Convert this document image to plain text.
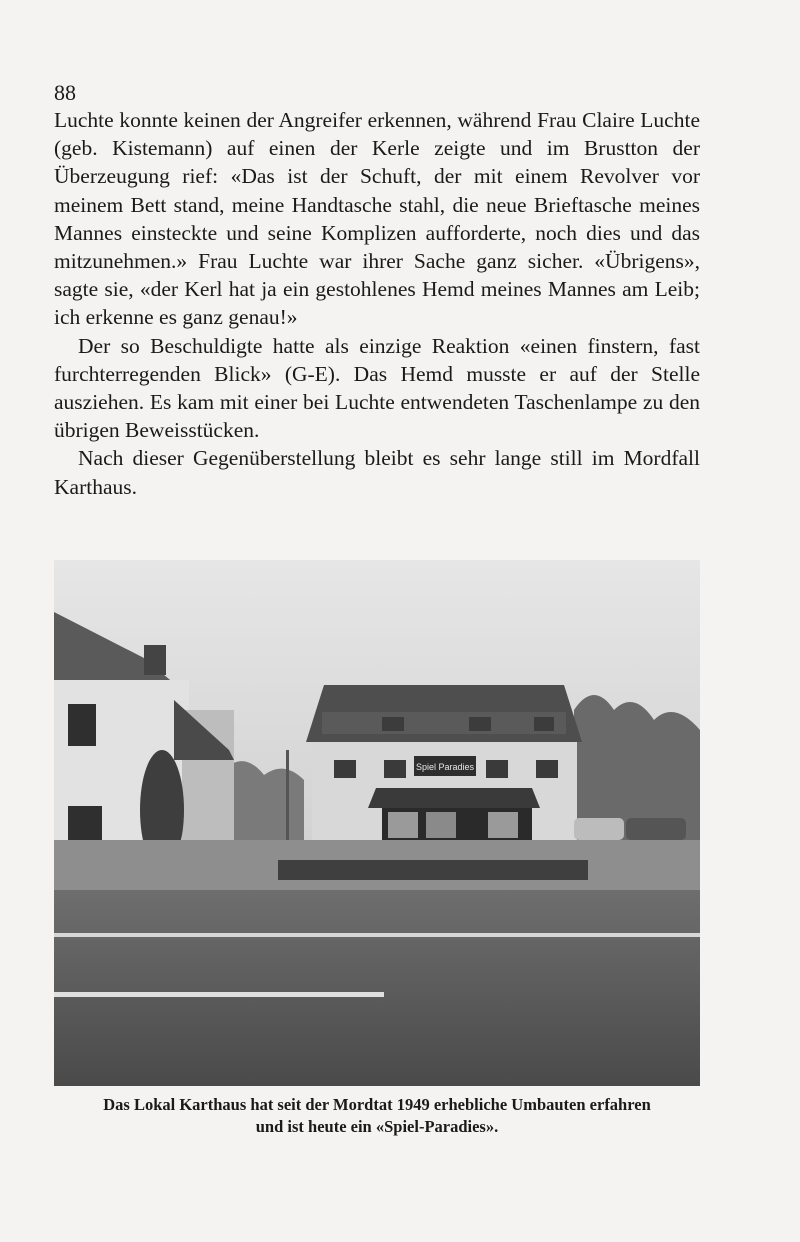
88

Luchte konnte keinen der Angreifer erkennen, während Frau Claire Luchte (geb. Kistemann) auf einen der Kerle zeigte und im Brustton der Überzeugung rief: «Das ist der Schuft, der mit einem Revolver vor meinem Bett stand, meine Handtasche stahl, die neue Brieftasche meines Mannes einsteckte und seine Komplizen aufforderte, noch dies und das mitzunehmen.» Frau Luchte war ihrer Sache ganz sicher. «Übrigens», sagte sie, «der Kerl hat ja ein gestohlenes Hemd meines Mannes am Leib; ich erkenne es ganz genau!»

Der so Beschuldigte hatte als einzige Reaktion «einen finstern, fast furchterregenden Blick» (G-E). Das Hemd musste er auf der Stelle ausziehen. Es kam mit einer bei Luchte entwendeten Taschenlampe zu den übrigen Beweisstücken.

Nach dieser Gegenüberstellung bleibt es sehr lange still im Mordfall Karthaus.

Spiel Paradies
Das Lokal Karthaus hat seit der Mordtat 1949 erhebliche Umbauten erfahren
und ist heute ein «Spiel-Paradies».
